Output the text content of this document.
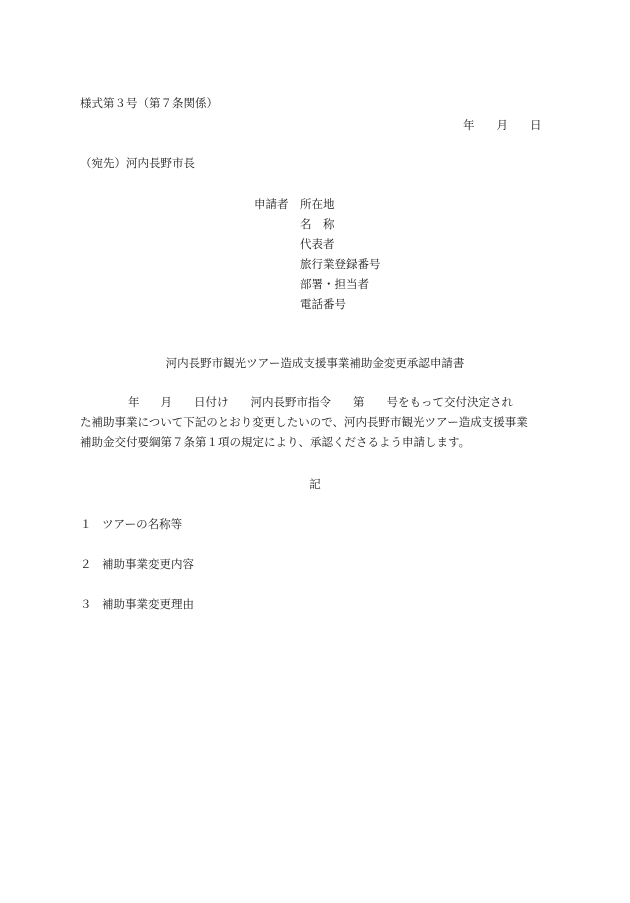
様式第３号（第７条関係）
年 月 日
（宛先）河内長野市長
申請者 所在地
名　称
代表者
旅行業登録番号
部署・担当者
電話番号
河内長野市観光ツアー造成支援事業補助金変更承認申請書
年 月 日付け 河内長野市指令 第 号をもって交付決定され
た補助事業について下記のとおり変更したいので、河内長野市観光ツアー造成支援事業
補助金交付要綱第７条第１項の規定により、承認くださるよう申請します。
記
１ ツアーの名称等
２ 補助事業変更内容
３ 補助事業変更理由
